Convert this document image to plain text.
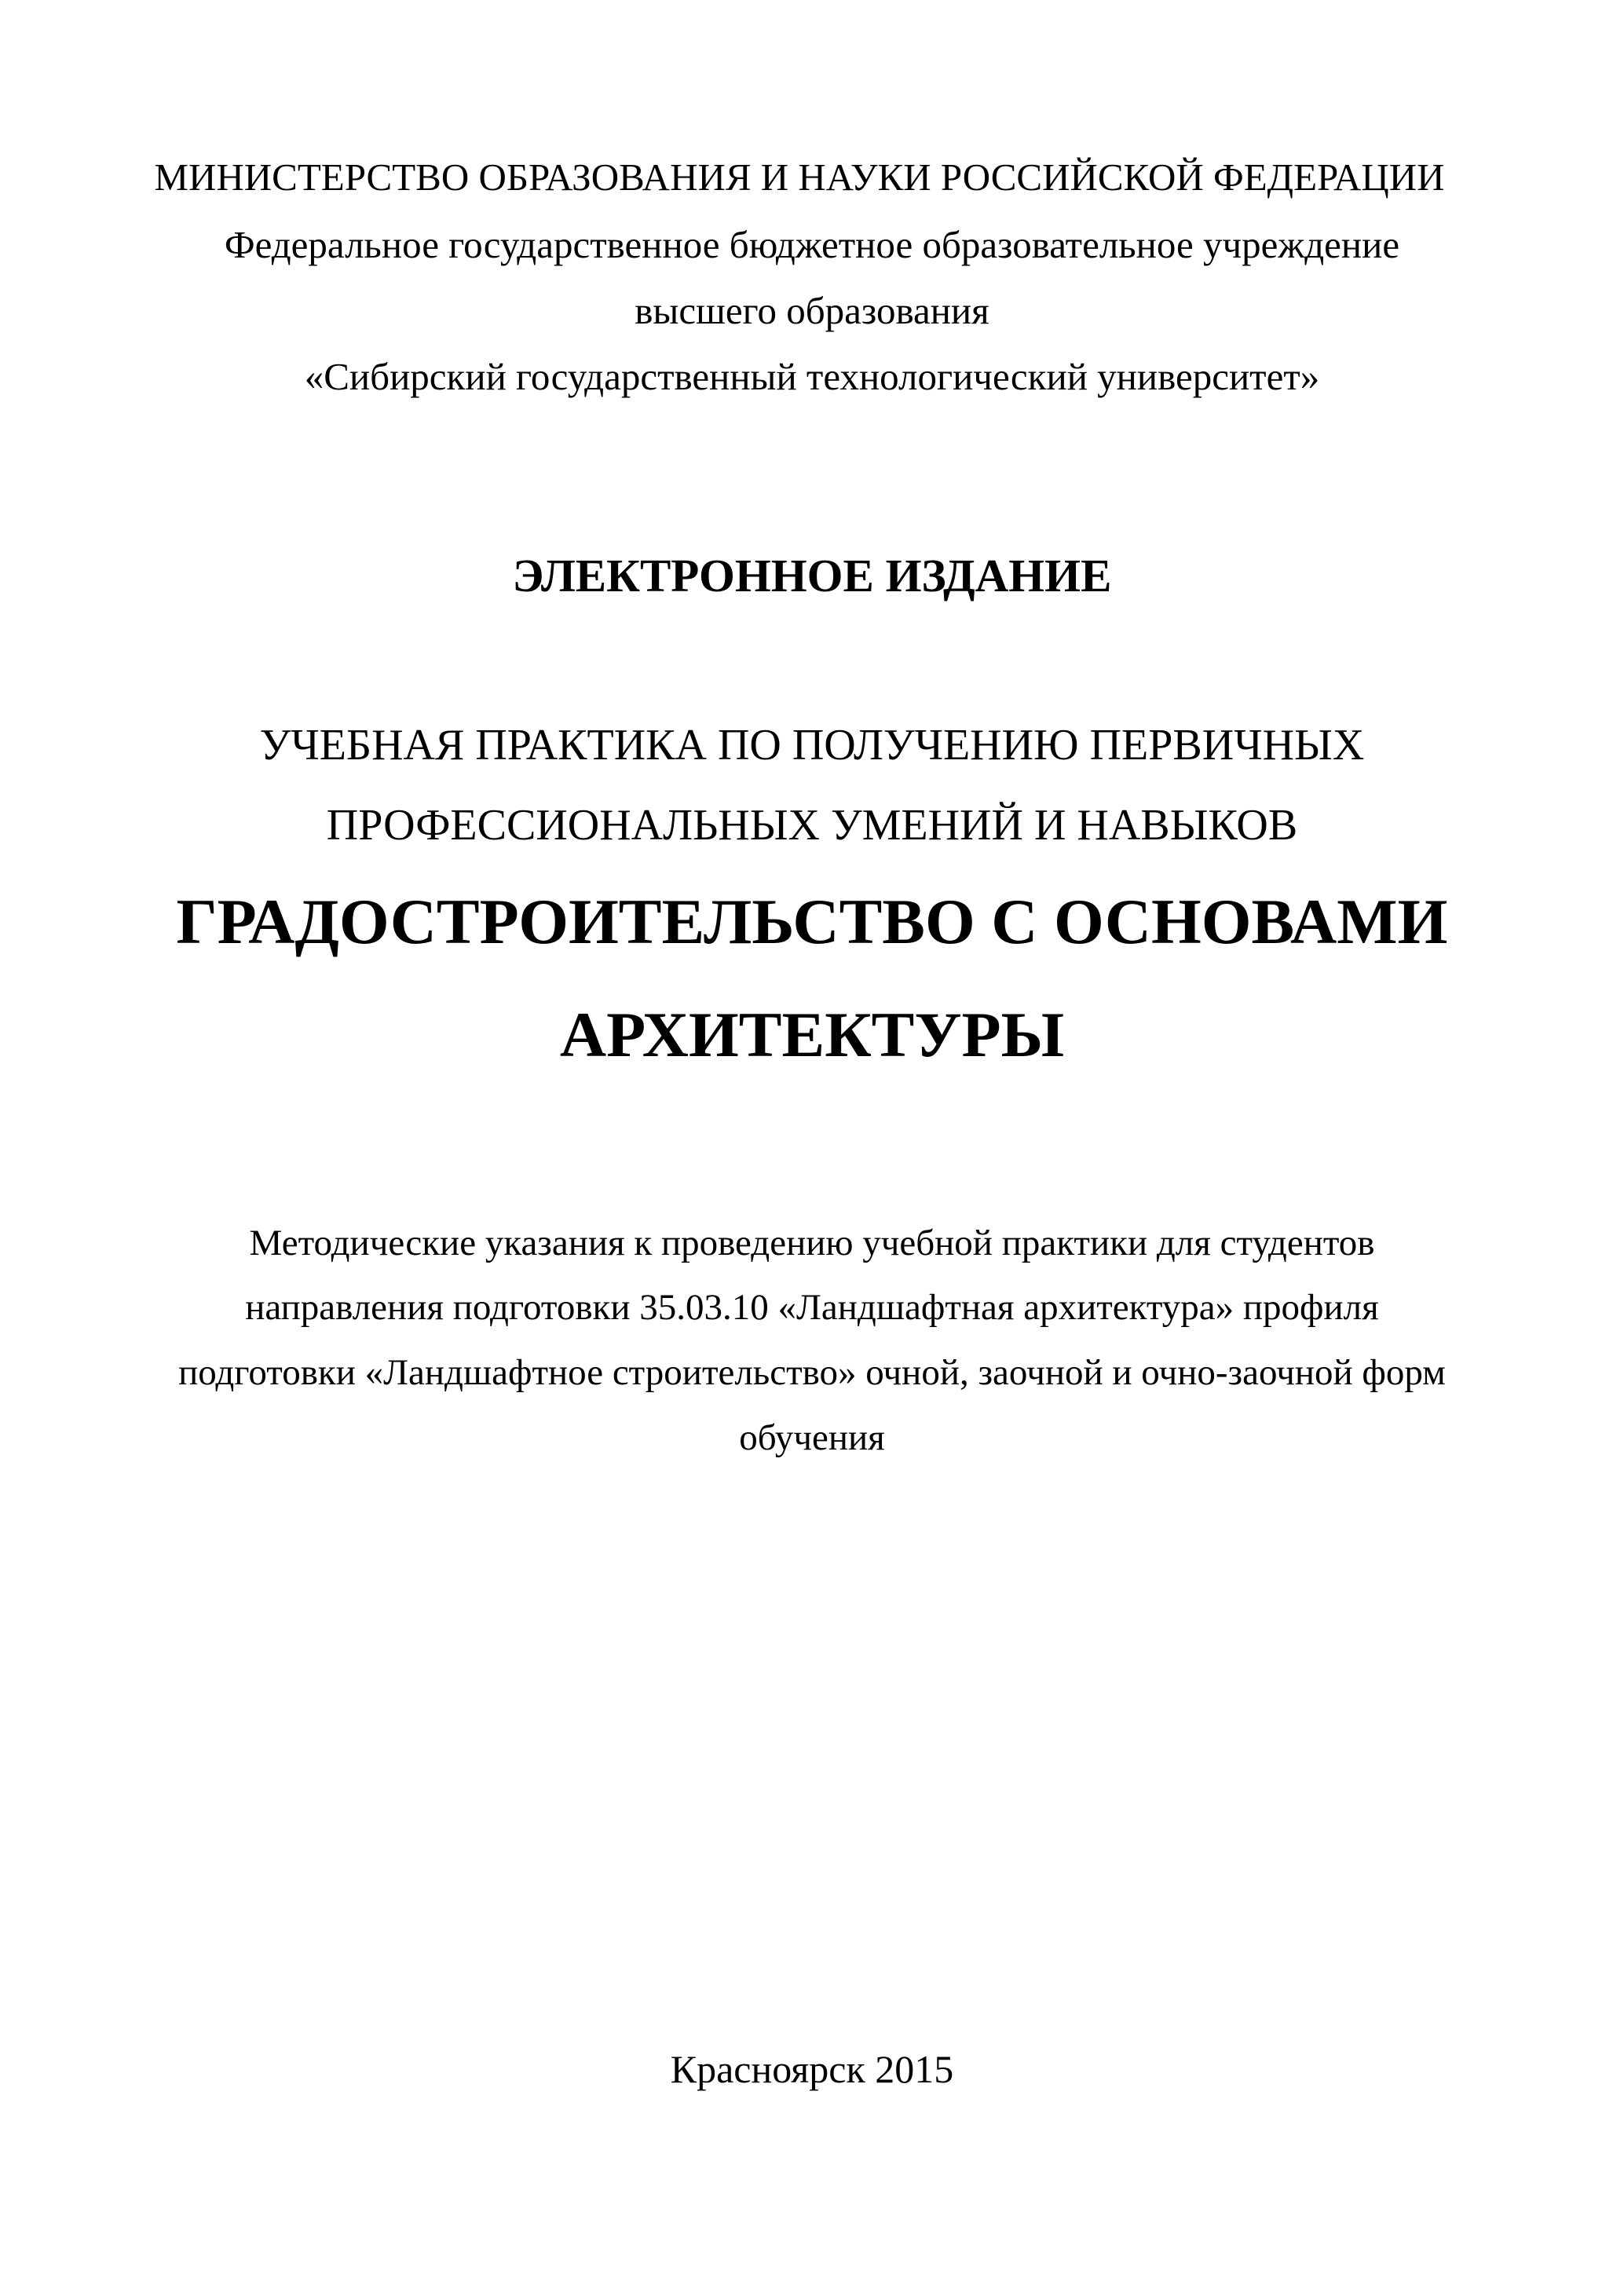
МИНИСТЕРСТВО ОБРАЗОВАНИЯ И НАУКИ РОССИЙСКОЙ ФЕДЕРАЦИИ
Федеральное государственное бюджетное образовательное учреждение
высшего образования
«Сибирский государственный технологический университет»
ЭЛЕКТРОННОЕ ИЗДАНИЕ
УЧЕБНАЯ ПРАКТИКА ПО ПОЛУЧЕНИЮ ПЕРВИЧНЫХ
ПРОФЕССИОНАЛЬНЫХ УМЕНИЙ И НАВЫКОВ
ГРАДОСТРОИТЕЛЬСТВО С ОСНОВАМИ
АРХИТЕКТУРЫ
Методические указания к проведению учебной практики для студентов
направления подготовки 35.03.10 «Ландшафтная архитектура» профиля
подготовки «Ландшафтное строительство» очной, заочной и очно-заочной форм
обучения
Красноярск 2015
